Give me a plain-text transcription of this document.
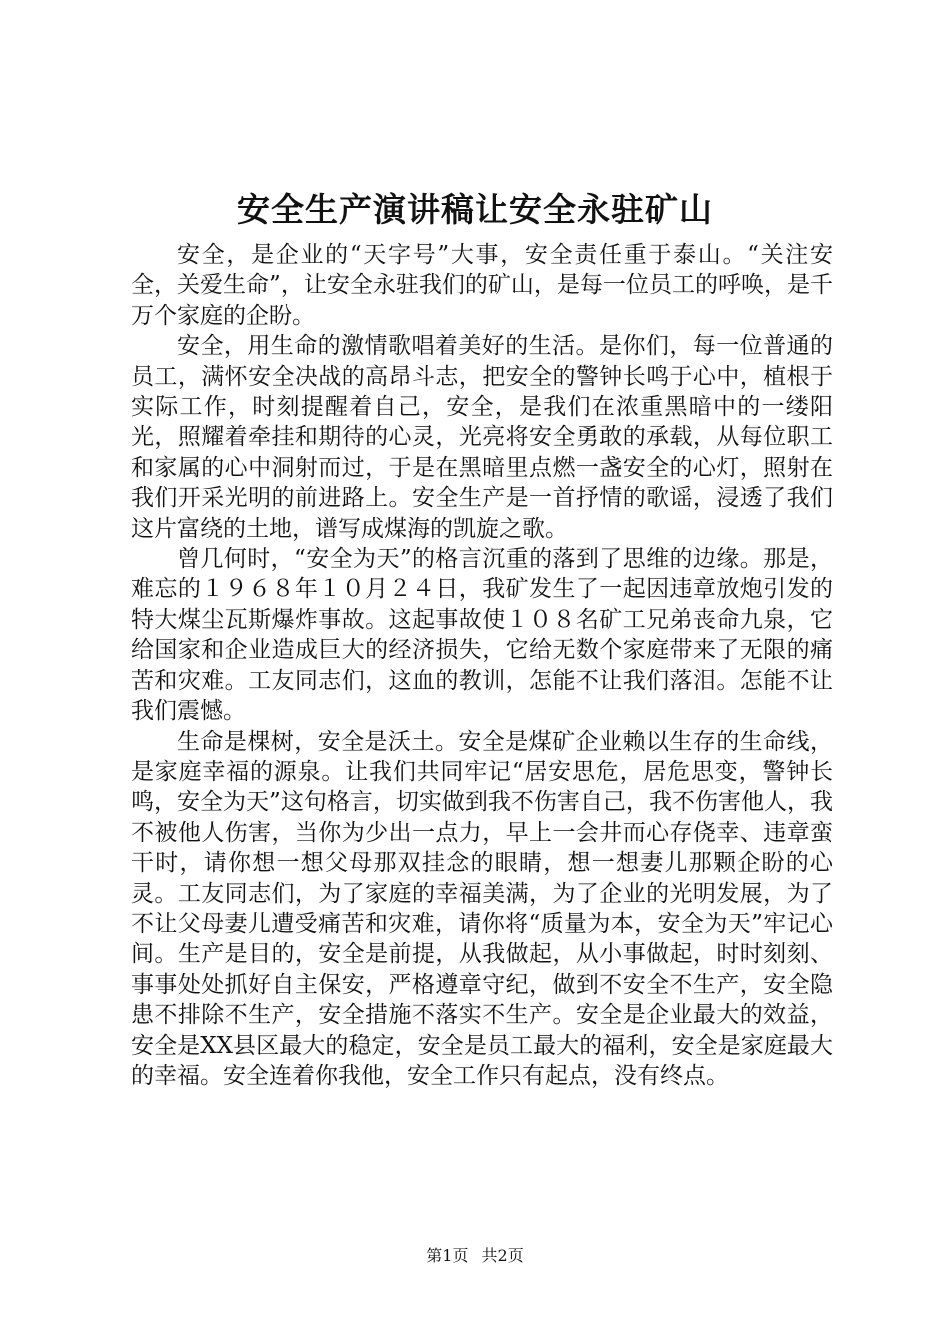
安全生产演讲稿让安全永驻矿山

安全，是企业的“天字号”大事，安全责任重于泰山。“关注安全，关爱生命”，让安全永驻我们的矿山，是每一位员工的呼唤，是千万个家庭的企盼。

安全，用生命的激情歌唱着美好的生活。是你们，每一位普通的员工，满怀安全决战的高昂斗志，把安全的警钟长鸣于心中，植根于实际工作，时刻提醒着自己，安全，是我们在浓重黑暗中的一缕阳光，照耀着牵挂和期待的心灵，光亮将安全勇敢的承载，从每位职工和家属的心中洞射而过，于是在黑暗里点燃一盏安全的心灯，照射在我们开采光明的前进路上。安全生产是一首抒情的歌谣，浸透了我们这片富绕的土地，谱写成煤海的凯旋之歌。

曾几何时，“安全为天”的格言沉重的落到了思维的边缘。那是，难忘的１９６８年１０月２４日，我矿发生了一起因违章放炮引发的特大煤尘瓦斯爆炸事故。这起事故使１０８名矿工兄弟丧命九泉，它给国家和企业造成巨大的经济损失，它给无数个家庭带来了无限的痛苦和灾难。工友同志们，这血的教训，怎能不让我们落泪。怎能不让我们震憾。

生命是棵树，安全是沃土。安全是煤矿企业赖以生存的生命线，是家庭幸福的源泉。让我们共同牢记“居安思危，居危思变，警钟长鸣，安全为天”这句格言，切实做到我不伤害自己，我不伤害他人，我不被他人伤害，当你为少出一点力，早上一会井而心存侥幸、违章蛮干时，请你想一想父母那双挂念的眼睛，想一想妻儿那颗企盼的心灵。工友同志们，为了家庭的幸福美满，为了企业的光明发展，为了不让父母妻儿遭受痛苦和灾难，请你将“质量为本，安全为天”牢记心间。生产是目的，安全是前提，从我做起，从小事做起，时时刻刻、事事处处抓好自主保安，严格遵章守纪，做到不安全不生产，安全隐患不排除不生产，安全措施不落实不生产。安全是企业最大的效益，安全是XX县区最大的稳定，安全是员工最大的福利，安全是家庭最大的幸福。安全连着你我他，安全工作只有起点，没有终点。

第1页 共2页
